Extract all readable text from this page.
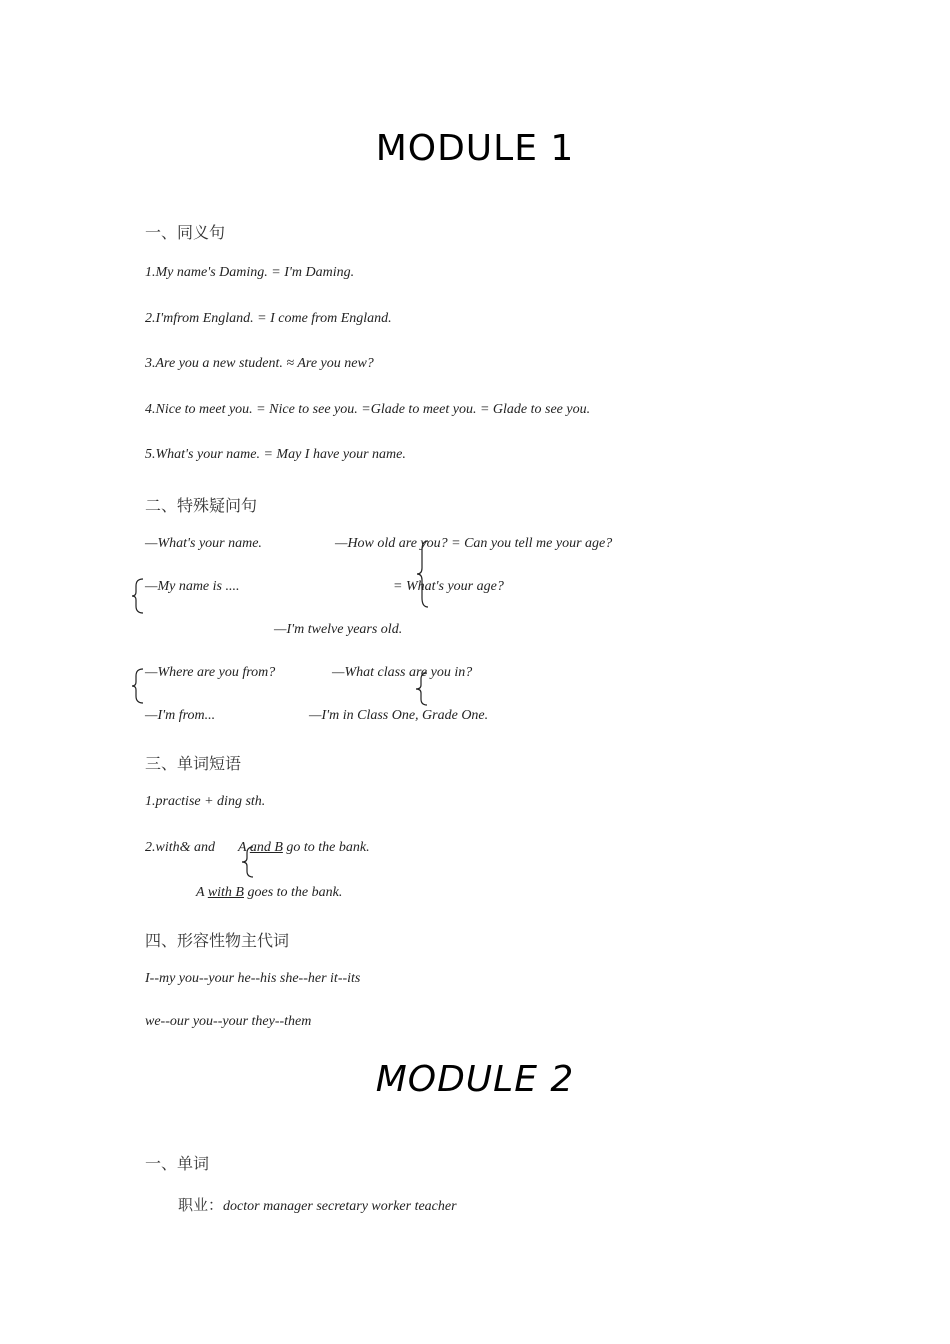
MODULE 1
一、同义句
1.My name's Daming. = I'm Daming.
2.I'mfrom England. = I come from England.
3.Are you a new student. ≈ Are you new?
4.Nice to meet you. = Nice to see you. =Glade to meet you. = Glade to see you.
5.What's your name. = May I have your name.
二、特殊疑问句
—What's your name.	—How old are you? = Can you tell me your age?
—My name is ....	= What's your age?
—I'm twelve years old.
—Where are you from?	—What class are you in?
—I'm from...	—I'm in Class One, Grade One.
三、单词短语
1.practise + ding sth.
2.with& and A and B go to the bank.
A with B goes to the bank.
四、形容性物主代词
I--my you--your he--his she--her it--its
we--our you--your they--them
MODULE 2
一、单词
职业：doctor manager secretary worker teacher
